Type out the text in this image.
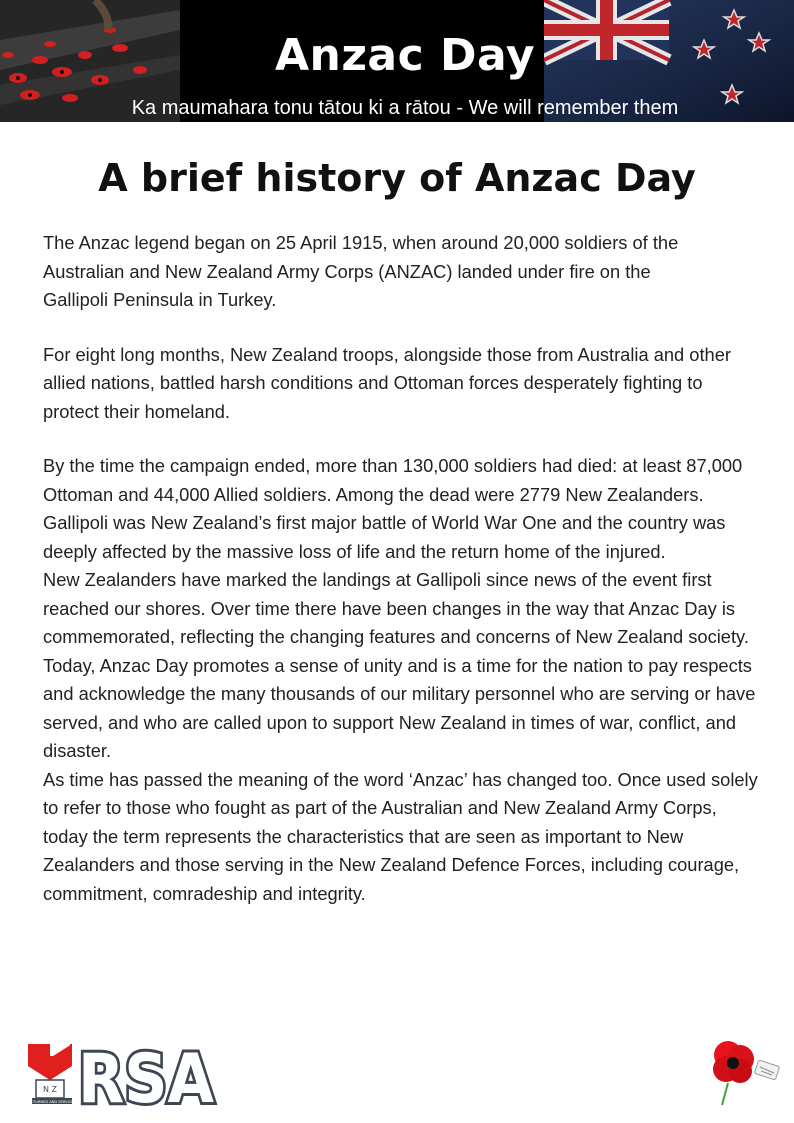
Anzac Day
Ka maumahara tonu tātou ki a rātou - We will remember them
A brief history of Anzac Day

The Anzac legend began on 25 April 1915, when around 20,000 soldiers of the Australian and New Zealand Army Corps (ANZAC) landed under fire on the Gallipoli Peninsula in Turkey.

For eight long months, New Zealand troops, alongside those from Australia and other allied nations, battled harsh conditions and Ottoman forces desperately fighting to protect their homeland.

By the time the campaign ended, more than 130,000 soldiers had died: at least 87,000 Ottoman and 44,000 Allied soldiers. Among the dead were 2779 New Zealanders. Gallipoli was New Zealand’s first major battle of World War One and the country was deeply affected by the massive loss of life and the return home of the injured.

New Zealanders have marked the landings at Gallipoli since news of the event first reached our shores. Over time there have been changes in the way that Anzac Day is commemorated, reflecting the changing features and concerns of New Zealand society.

Today, Anzac Day promotes a sense of unity and is a time for the nation to pay respects and acknowledge the many thousands of our military personnel who are serving or have served, and who are called upon to support New Zealand in times of war, conflict, and disaster.

As time has passed the meaning of the word ‘Anzac’ has changed too. Once used solely to refer to those who fought as part of the Australian and New Zealand Army Corps, today the term represents the characteristics that are seen as important to New Zealanders and those serving in the New Zealand Defence Forces, including courage, commitment, comradeship and integrity.

N Z
RETURNED AND SERVICES RSA
